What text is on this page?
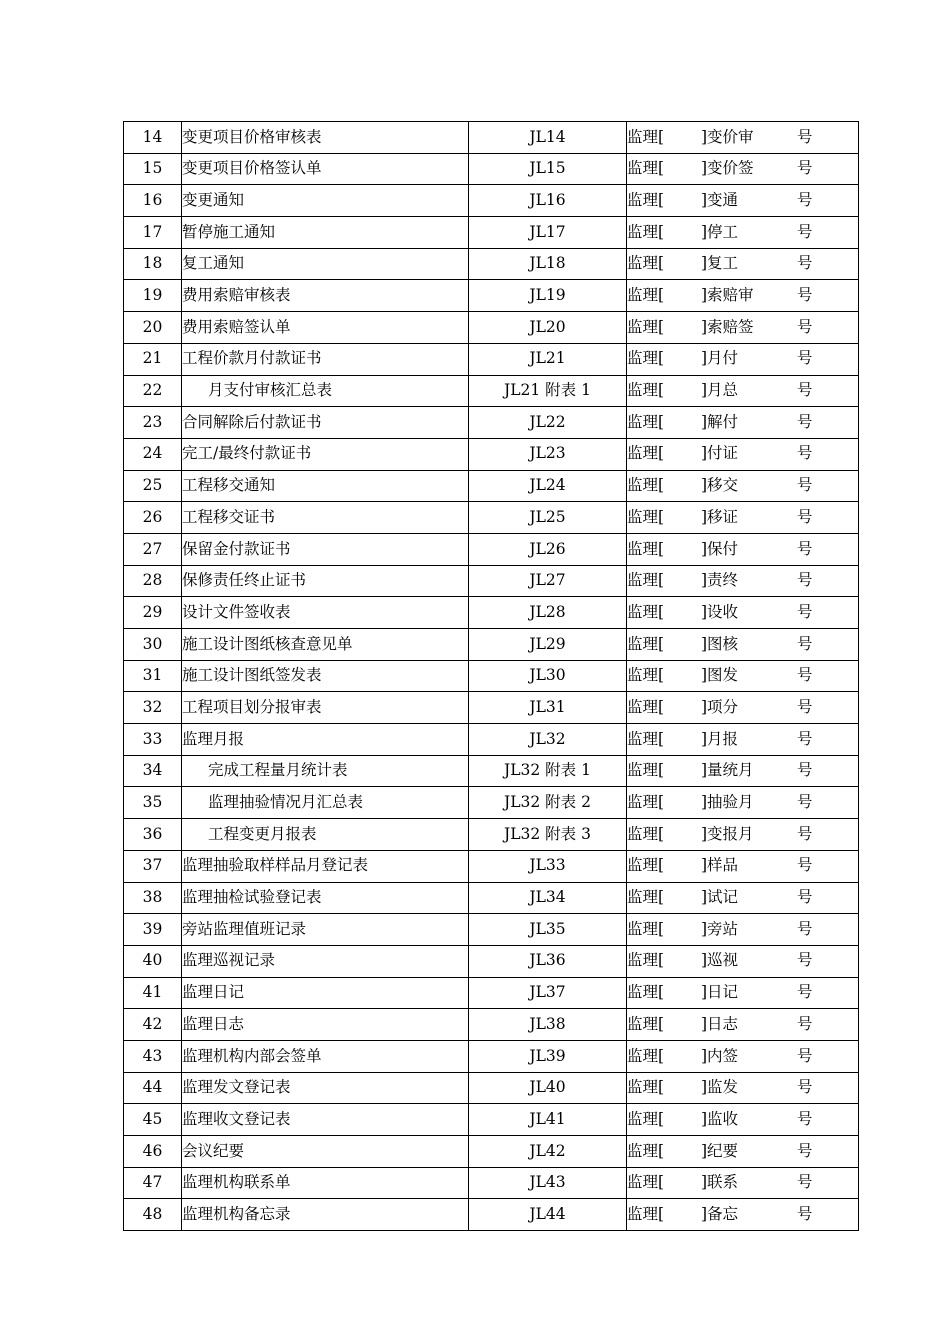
14	变更项目价格审核表	JL14	监理[ ]变价审 号

15	变更项目价格签认单	JL15	监理[ ]变价签 号

16	变更通知	JL16	监理[ ]变通 号

17	暂停施工通知	JL17	监理[ ]停工 号

18	复工通知	JL18	监理[ ]复工 号

19	费用索赔审核表	JL19	监理[ ]索赔审 号

20	费用索赔签认单	JL20	监理[ ]索赔签 号

21	工程价款月付款证书	JL21	监理[ ]月付 号

22	月支付审核汇总表	JL21 附表 1	监理[ ]月总 号

23	合同解除后付款证书	JL22	监理[ ]解付 号

24	完工/最终付款证书	JL23	监理[ ]付证 号

25	工程移交通知	JL24	监理[ ]移交 号

26	工程移交证书	JL25	监理[ ]移证 号

27	保留金付款证书	JL26	监理[ ]保付 号

28	保修责任终止证书	JL27	监理[ ]责终 号

29	设计文件签收表	JL28	监理[ ]设收 号

30	施工设计图纸核查意见单	JL29	监理[ ]图核 号

31	施工设计图纸签发表	JL30	监理[ ]图发 号

32	工程项目划分报审表	JL31	监理[ ]项分 号

33	监理月报	JL32	监理[ ]月报 号

34	完成工程量月统计表	JL32 附表 1	监理[ ]量统月 号

35	监理抽验情况月汇总表	JL32 附表 2	监理[ ]抽验月 号

36	工程变更月报表	JL32 附表 3	监理[ ]变报月 号

37	监理抽验取样样品月登记表	JL33	监理[ ]样品 号

38	监理抽检试验登记表	JL34	监理[ ]试记 号

39	旁站监理值班记录	JL35	监理[ ]旁站 号

40	监理巡视记录	JL36	监理[ ]巡视 号

41	监理日记	JL37	监理[ ]日记 号

42	监理日志	JL38	监理[ ]日志 号

43	监理机构内部会签单	JL39	监理[ ]内签 号

44	监理发文登记表	JL40	监理[ ]监发 号

45	监理收文登记表	JL41	监理[ ]监收 号

46	会议纪要	JL42	监理[ ]纪要 号

47	监理机构联系单	JL43	监理[ ]联系 号

48	监理机构备忘录	JL44	监理[ ]备忘 号
